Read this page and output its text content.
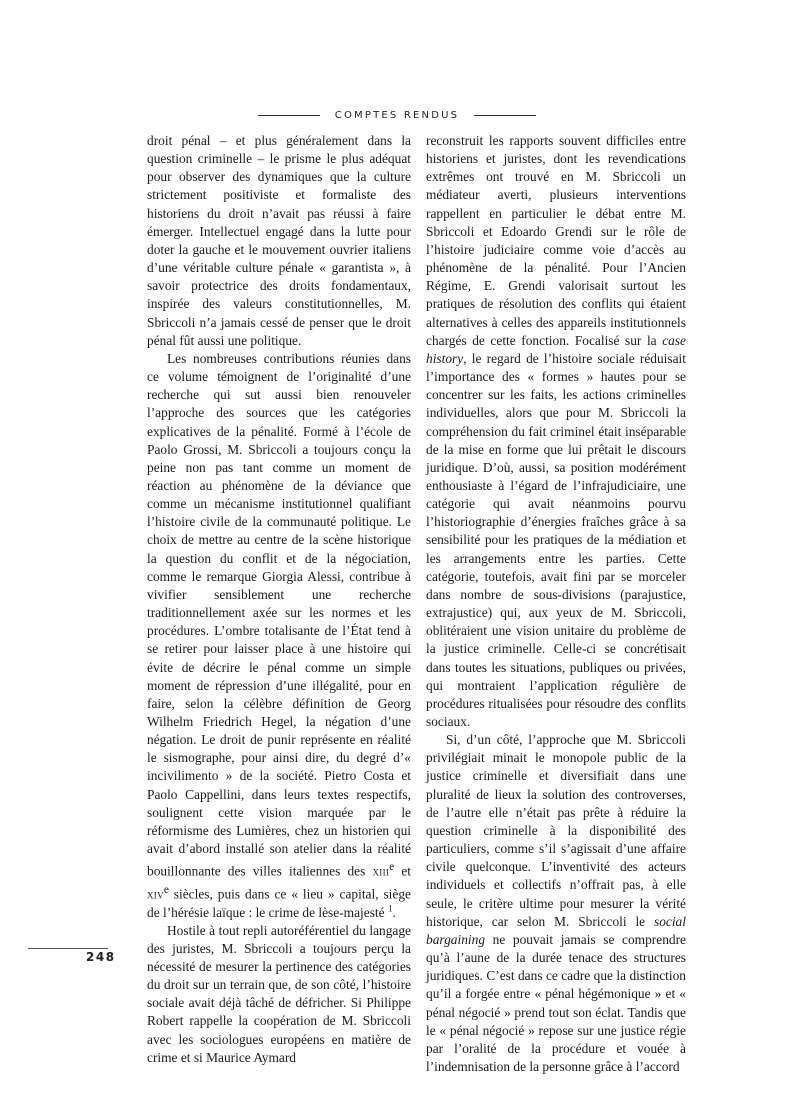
COMPTES RENDUS

droit pénal – et plus généralement dans la question criminelle – le prisme le plus adéquat pour observer des dynamiques que la culture strictement positiviste et formaliste des historiens du droit n’avait pas réussi à faire émerger. Intellectuel engagé dans la lutte pour doter la gauche et le mouvement ouvrier italiens d’une véritable culture pénale « garantista », à savoir protectrice des droits fondamentaux, inspirée des valeurs constitutionnelles, M. Sbriccoli n’a jamais cessé de penser que le droit pénal fût aussi une politique.

Les nombreuses contributions réunies dans ce volume témoignent de l’originalité d’une recherche qui sut aussi bien renouveler l’approche des sources que les catégories explicatives de la pénalité. Formé à l’école de Paolo Grossi, M. Sbriccoli a toujours conçu la peine non pas tant comme un moment de réaction au phénomène de la déviance que comme un mécanisme institutionnel qualifiant l’histoire civile de la communauté politique. Le choix de mettre au centre de la scène historique la question du conflit et de la négociation, comme le remarque Giorgia Alessi, contribue à vivifier sensiblement une recherche traditionnellement axée sur les normes et les procédures. L’ombre totalisante de l’État tend à se retirer pour laisser place à une histoire qui évite de décrire le pénal comme un simple moment de répression d’une illégalité, pour en faire, selon la célèbre définition de Georg Wilhelm Friedrich Hegel, la négation d’une négation. Le droit de punir représente en réalité le sismographe, pour ainsi dire, du degré d’« incivilimento » de la société. Pietro Costa et Paolo Cappellini, dans leurs textes respectifs, soulignent cette vision marquée par le réformisme des Lumières, chez un historien qui avait d’abord installé son atelier dans la réalité bouillonnante des villes italiennes des xiii$^e$ et xiv$^e$ siècles, puis dans ce « lieu » capital, siège de l’hérésie laïque : le crime de lèse-majesté $^1$.

Hostile à tout repli autoréférentiel du langage des juristes, M. Sbriccoli a toujours perçu la nécessité de mesurer la pertinence des catégories du droit sur un terrain que, de son côté, l’histoire sociale avait déjà tâché de défricher. Si Philippe Robert rappelle la coopération de M. Sbriccoli avec les sociologues européens en matière de crime et si Maurice Aymard

reconstruit les rapports souvent difficiles entre historiens et juristes, dont les revendications extrêmes ont trouvé en M. Sbriccoli un médiateur averti, plusieurs interventions rappellent en particulier le débat entre M. Sbriccoli et Edoardo Grendi sur le rôle de l’histoire judiciaire comme voie d’accès au phénomène de la pénalité. Pour l’Ancien Régime, E. Grendi valorisait surtout les pratiques de résolution des conflits qui étaient alternatives à celles des appareils institutionnels chargés de cette fonction. Focalisé sur la case history, le regard de l’histoire sociale réduisait l’importance des « formes » hautes pour se concentrer sur les faits, les actions criminelles individuelles, alors que pour M. Sbriccoli la compréhension du fait criminel était inséparable de la mise en forme que lui prêtait le discours juridique. D’où, aussi, sa position modérément enthousiaste à l’égard de l’infrajudiciaire, une catégorie qui avait néanmoins pourvu l’historiographie d’énergies fraîches grâce à sa sensibilité pour les pratiques de la médiation et les arrangements entre les parties. Cette catégorie, toutefois, avait fini par se morceler dans nombre de sous-divisions (parajustice, extrajustice) qui, aux yeux de M. Sbriccoli, oblitéraient une vision unitaire du problème de la justice criminelle. Celle-ci se concrétisait dans toutes les situations, publiques ou privées, qui montraient l’application régulière de procédures ritualisées pour résoudre des conflits sociaux.

Si, d’un côté, l’approche que M. Sbriccoli privilégiait minait le monopole public de la justice criminelle et diversifiait dans une pluralité de lieux la solution des controverses, de l’autre elle n’était pas prête à réduire la question criminelle à la disponibilité des particuliers, comme s’il s’agissait d’une affaire civile quelconque. L’inventivité des acteurs individuels et collectifs n’offrait pas, à elle seule, le critère ultime pour mesurer la vérité historique, car selon M. Sbriccoli le social bargaining ne pouvait jamais se comprendre qu’à l’aune de la durée tenace des structures juridiques. C’est dans ce cadre que la distinction qu’il a forgée entre « pénal hégémonique » et « pénal négocié » prend tout son éclat. Tandis que le « pénal négocié » repose sur une justice régie par l’oralité de la procédure et vouée à l’indemnisation de la personne grâce à l’accord

248
